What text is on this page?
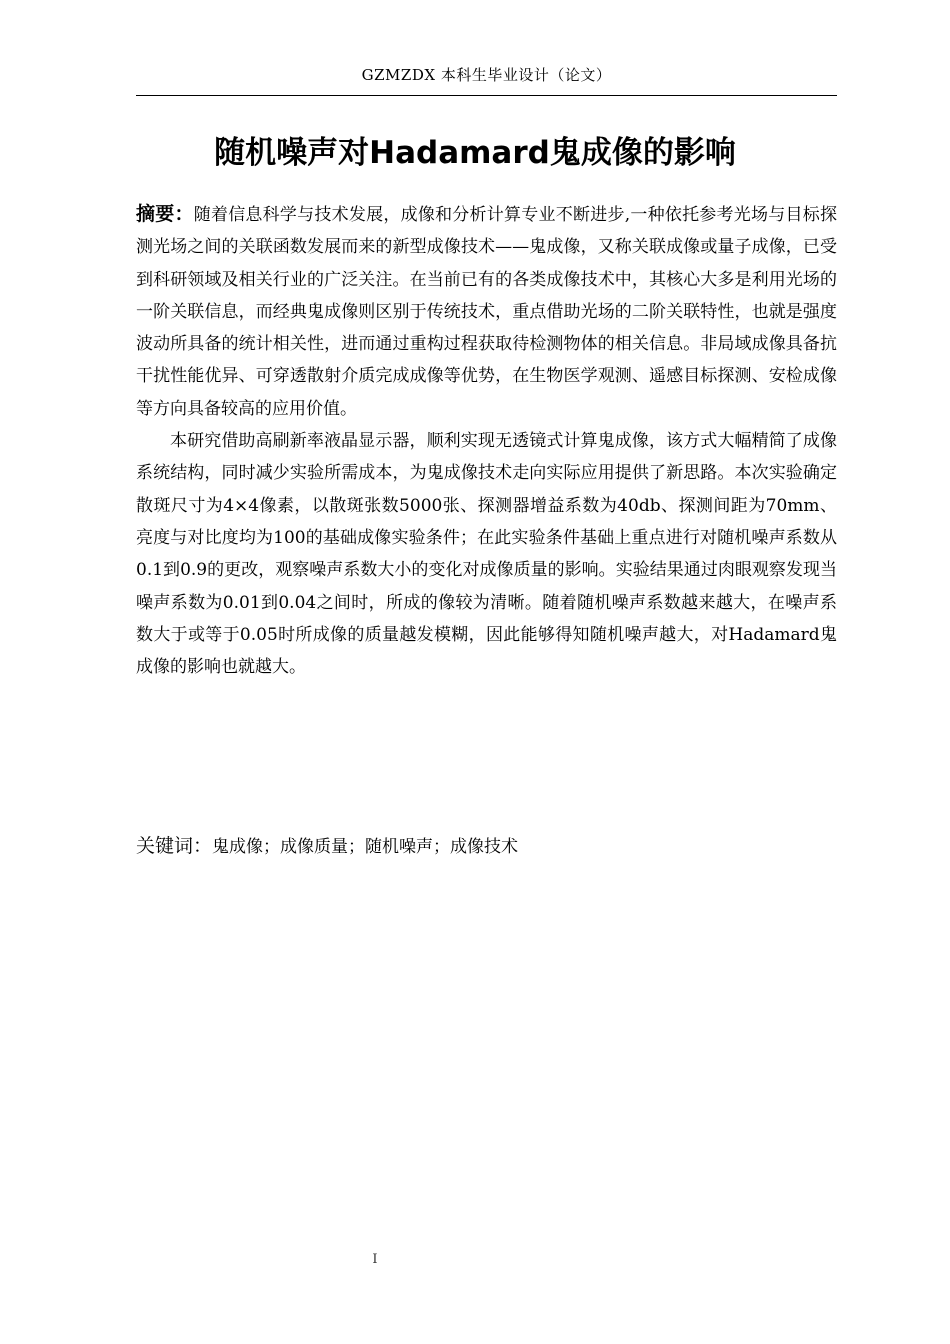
GZMZDX 本科生毕业设计（论文）
随机噪声对Hadamard鬼成像的影响

摘要：随着信息科学与技术发展，成像和分析计算专业不断进步,一种依托参考光场与目标探测光场之间的关联函数发展而来的新型成像技术——鬼成像，又称关联成像或量子成像，已受到科研领域及相关行业的广泛关注。在当前已有的各类成像技术中，其核心大多是利用光场的一阶关联信息，而经典鬼成像则区别于传统技术，重点借助光场的二阶关联特性，也就是强度波动所具备的统计相关性，进而通过重构过程获取待检测物体的相关信息。非局域成像具备抗干扰性能优异、可穿透散射介质完成成像等优势，在生物医学观测、遥感目标探测、安检成像等方向具备较高的应用价值。

本研究借助高刷新率液晶显示器，顺利实现无透镜式计算鬼成像，该方式大幅精简了成像系统结构，同时减少实验所需成本，为鬼成像技术走向实际应用提供了新思路。本次实验确定散斑尺寸为4×4像素，以散斑张数5000张、探测器增益系数为40db、探测间距为70mm、亮度与对比度均为100的基础成像实验条件；在此实验条件基础上重点进行对随机噪声系数从0.1到0.9的更改，观察噪声系数大小的变化对成像质量的影响。实验结果通过肉眼观察发现当噪声系数为0.01到0.04之间时，所成的像较为清晰。随着随机噪声系数越来越大，在噪声系数大于或等于0.05时所成像的质量越发模糊，因此能够得知随机噪声越大，对Hadamard鬼成像的影响也就越大。

关键词：鬼成像；成像质量；随机噪声；成像技术
I
